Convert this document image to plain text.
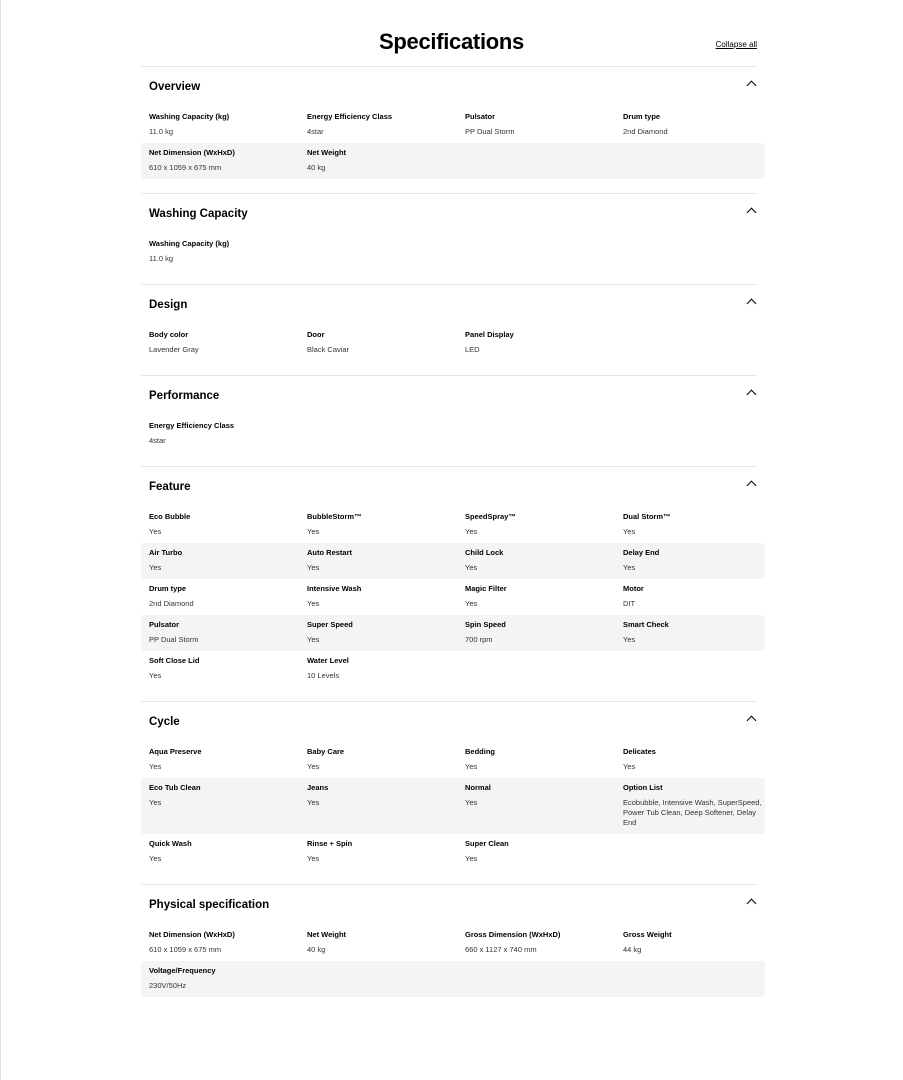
Specifications	Collapse all
Overview
Washing Capacity (kg)
11.0 kg
Energy Efficiency Class
4star
Pulsator
PP Dual Storm
Drum type
2nd Diamond
Net Dimension (WxHxD)
610 x 1059 x 675 mm
Net Weight
40 kg
Washing Capacity
Washing Capacity (kg)
11.0 kg
Design
Body color
Lavender Gray
Door
Black Caviar
Panel Display
LED
Performance
Energy Efficiency Class
4star
Feature
Eco Bubble
Yes
BubbleStorm™
Yes
SpeedSpray™
Yes
Dual Storm™
Yes
Air Turbo
Yes
Auto Restart
Yes
Child Lock
Yes
Delay End
Yes
Drum type
2nd Diamond
Intensive Wash
Yes
Magic Filter
Yes
Motor
DIT
Pulsator
PP Dual Storm
Super Speed
Yes
Spin Speed
700 rpm
Smart Check
Yes
Soft Close Lid
Yes
Water Level
10 Levels
Cycle
Aqua Preserve
Yes
Baby Care
Yes
Bedding
Yes
Delicates
Yes
Eco Tub Clean
Yes
Jeans
Yes
Normal
Yes
Option List
Ecobubble, Intensive Wash, SuperSpeed, Power Tub Clean, Deep Softener, Delay End
Quick Wash
Yes
Rinse + Spin
Yes
Super Clean
Yes
Physical specification
Net Dimension (WxHxD)
610 x 1059 x 675 mm
Net Weight
40 kg
Gross Dimension (WxHxD)
660 x 1127 x 740 mm
Gross Weight
44 kg
Voltage/Frequency
230V/50Hz
